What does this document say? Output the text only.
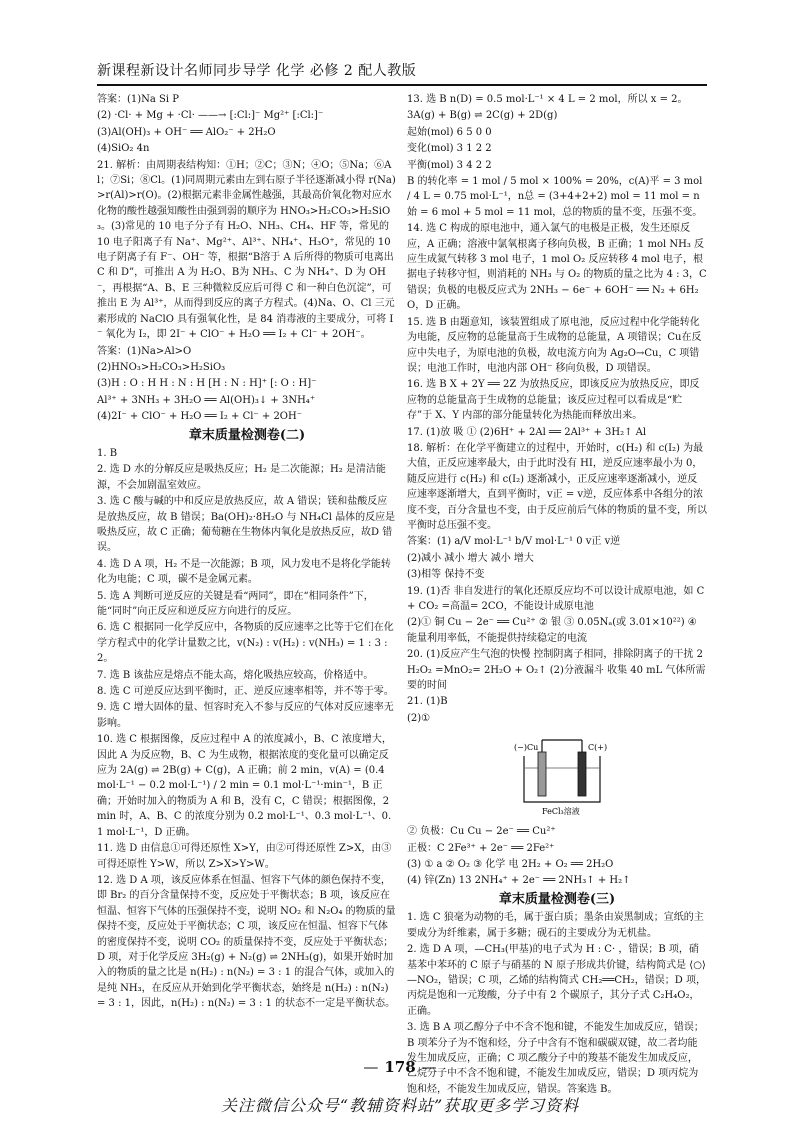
新课程新设计名师同步导学 化学 必修 2 配人教版

答案：(1)Na Si P

(2) ·Cl· + Mg + ·Cl· ——→ [:Cl:]⁻ Mg²⁺ [:Cl:]⁻

(3)Al(OH)₃ + OH⁻ ══ AlO₂⁻ + 2H₂O

(4)SiO₂ 4n

21. 解析：由周期表结构知：①H；②C；③N；④O；⑤Na；⑥Al；⑦Si；⑧Cl。(1)同周期元素由左到右原子半径逐渐减小得 r(Na)>r(Al)>r(O)。(2)根据元素非金属性越强，其最高价氧化物对应水化物的酸性越强知酸性由强到弱的顺序为 HNO₃>H₂CO₃>H₂SiO₃。(3)常见的 10 电子分子有 H₂O、NH₃、CH₄、HF 等，常见的 10 电子阳离子有 Na⁺、Mg²⁺、Al³⁺、NH₄⁺、H₃O⁺，常见的 10 电子阴离子有 F⁻、OH⁻ 等，根据“B溶于 A 后所得的物质可电离出 C 和 D”，可推出 A 为 H₂O、B为 NH₃、C 为 NH₄⁺、D 为 OH⁻，再根据“A、B、E 三种微粒反应后可得 C 和一种白色沉淀”，可推出 E 为 Al³⁺，从而得到反应的离子方程式。(4)Na、O、Cl 三元素形成的 NaClO 具有强氧化性，是 84 消毒液的主要成分，可将 I⁻ 氧化为 I₂，即 2I⁻ + ClO⁻ + H₂O ══ I₂ + Cl⁻ + 2OH⁻。

答案：(1)Na>Al>O

(2)HNO₃>H₂CO₃>H₂SiO₃

(3)H : O : H H : N : H [H : N : H]⁺ [: O : H]⁻

Al³⁺ + 3NH₃ + 3H₂O ══ Al(OH)₃↓ + 3NH₄⁺

(4)2I⁻ + ClO⁻ + H₂O ══ I₂ + Cl⁻ + 2OH⁻

章末质量检测卷(二)

1. B

2. 选 D 水的分解反应是吸热反应；H₂ 是二次能源；H₂ 是清洁能源，不会加剧温室效应。

3. 选 C 酸与碱的中和反应是放热反应，故 A 错误；镁和盐酸反应是放热反应，故 B 错误；Ba(OH)₂·8H₂O 与 NH₄Cl 晶体的反应是吸热反应，故 C 正确；葡萄糖在生物体内氧化是放热反应，故D 错误。

4. 选 D A 项，H₂ 不是一次能源；B 项，风力发电不是将化学能转化为电能；C 项，碳不是金属元素。

5. 选 A 判断可逆反应的关键是看“两同”，即在“相同条件”下，能“同时”向正反应和逆反应方向进行的反应。

6. 选 C 根据同一化学反应中，各物质的反应速率之比等于它们在化学方程式中的化学计量数之比，v(N₂) : v(H₂) : v(NH₃) = 1 : 3 : 2。

7. 选 B 该盐应是熔点不能太高，熔化吸热应较高，价格适中。

8. 选 C 可逆反应达到平衡时，正、逆反应速率相等，并不等于零。

9. 选 C 增大固体的量、恒容时充入不参与反应的气体对反应速率无影响。

10. 选 C 根据图像，反应过程中 A 的浓度减小，B、C 浓度增大，因此 A 为反应物，B、C 为生成物，根据浓度的变化量可以确定反应为 2A(g) ⇌ 2B(g) + C(g)，A 正确；前 2 min，v(A) = (0.4 mol·L⁻¹ − 0.2 mol·L⁻¹) / 2 min = 0.1 mol·L⁻¹·min⁻¹，B 正确；开始时加入的物质为 A 和 B，没有 C，C 错误；根据图像，2 min 时，A、B、C 的浓度分别为 0.2 mol·L⁻¹、0.3 mol·L⁻¹、0.1 mol·L⁻¹，D 正确。

11. 选 D 由信息①可得还原性 X>Y，由②可得还原性 Z>X，由③可得还原性 Y>W，所以 Z>X>Y>W。

12. 选 D A 项，该反应体系在恒温、恒容下气体的颜色保持不变，即 Br₂ 的百分含量保持不变，反应处于平衡状态；B 项，该反应在恒温、恒容下气体的压强保持不变，说明 NO₂ 和 N₂O₄ 的物质的量保持不变，反应处于平衡状态；C 项，该反应在恒温、恒容下气体的密度保持不变，说明 CO₂ 的质量保持不变，反应处于平衡状态；D 项，对于化学反应 3H₂(g) + N₂(g) ⇌ 2NH₃(g)，如果开始时加入的物质的量之比是 n(H₂) : n(N₂) = 3 : 1 的混合气体，或加入的是纯 NH₃，在反应从开始到化学平衡状态，始终是 n(H₂) : n(N₂) = 3 : 1，因此，n(H₂) : n(N₂) = 3 : 1 的状态不一定是平衡状态。

13. 选 B n(D) = 0.5 mol·L⁻¹ × 4 L = 2 mol，所以 x = 2。

3A(g) + B(g) ⇌ 2C(g) + 2D(g)

起始(mol) 6 5 0 0

变化(mol) 3 1 2 2

平衡(mol) 3 4 2 2

B 的转化率 = 1 mol / 5 mol × 100% = 20%，c(A)平 = 3 mol / 4 L = 0.75 mol·L⁻¹，n总 = (3+4+2+2) mol = 11 mol = n始 = 6 mol + 5 mol = 11 mol，总的物质的量不变，压强不变。

14. 选 C 构成的原电池中，通入氯气的电极是正极，发生还原反应，A 正确；溶液中氯氧根离子移向负极，B 正确；1 mol NH₃ 反应生成氮气转移 3 mol 电子，1 mol O₂ 反应转移 4 mol 电子，根据电子转移守恒，则消耗的 NH₃ 与 O₂ 的物质的量之比为 4 : 3，C 错误；负极的电极反应式为 2NH₃ − 6e⁻ + 6OH⁻ ══ N₂ + 6H₂O，D 正确。

15. 选 B 由题意知，该装置组成了原电池，反应过程中化学能转化为电能，反应物的总能量高于生成物的总能量，A 项错误；Cu在反应中失电子，为原电池的负极，故电流方向为 Ag₂O→Cu，C 项错误；电池工作时，电池内部 OH⁻ 移向负极，D 项错误。

16. 选 B X + 2Y ══ 2Z 为放热反应，即该反应为放热反应，即反应物的总能量高于生成物的总能量；该反应过程可以看成是“贮存”于 X、Y 内部的部分能量转化为热能而释放出来。

17. (1)放 吸 ① (2)6H⁺ + 2Al ══ 2Al³⁺ + 3H₂↑ Al

18. 解析：在化学平衡建立的过程中，开始时，c(H₂) 和 c(I₂) 为最大值，正反应速率最大，由于此时没有 HI，逆反应速率最小为 0，随反应进行 c(H₂) 和 c(I₂) 逐渐减小，正反应速率逐渐减小，逆反应速率逐渐增大，直到平衡时，v正 = v逆，反应体系中各组分的浓度不变，百分含量也不变，由于反应前后气体的物质的量不变，所以平衡时总压强不变。

答案：(1) a/V mol·L⁻¹ b/V mol·L⁻¹ 0 v正 v逆

(2)减小 减小 增大 减小 增大

(3)相等 保持不变

19. (1)否 非自发进行的氧化还原反应均不可以设计成原电池，如 C + CO₂ =高温= 2CO，不能设计成原电池

(2)① 铜 Cu − 2e⁻ ══ Cu²⁺ ② 银 ③ 0.05Nₐ(或 3.01×10²²) ④ 能量利用率低，不能提供持续稳定的电流

20. (1)反应产生气泡的快慢 控制阴离子相同，排除阴离子的干扰 2H₂O₂ =MnO₂= 2H₂O + O₂↑ (2)分液漏斗 收集 40 mL 气体所需要的时间

21. (1)B

(2)①

(−)Cu	C(+)
FeCl₃溶液

② 负极：Cu Cu − 2e⁻ ══ Cu²⁺

正极：C 2Fe³⁺ + 2e⁻ ══ 2Fe²⁺

(3) ① a ② O₂ ③ 化学 电 2H₂ + O₂ ══ 2H₂O

(4) 锌(Zn) 13 2NH₄⁺ + 2e⁻ ══ 2NH₃↑ + H₂↑

章末质量检测卷(三)

1. 选 C 狼毫为动物的毛，属于蛋白质；墨条由炭黑制成；宣纸的主要成分为纤维素，属于多糖；砚石的主要成分为无机盐。

2. 选 D A 项，—CH₃(甲基)的电子式为 H : C· ，错误；B 项，硝基苯中苯环的 C 原子与硝基的 N 原子形成共价键，结构简式是 ⟨○⟩—NO₂，错误；C 项，乙烯的结构简式 CH₂══CH₂，错误；D 项，丙烷是饱和一元羧酸，分子中有 2 个碳原子，其分子式 C₂H₄O₂，正确。

3. 选 B A 项乙醇分子中不含不饱和键，不能发生加成反应，错误；B 项苯分子为不饱和烃，分子中含有不饱和碳碳双键，故二者均能发生加成反应，正确；C 项乙酸分子中的羧基不能发生加成反应，乙烷分子中不含不饱和键，不能发生加成反应，错误；D 项丙烷为饱和烃，不能发生加成反应，错误。答案选 B。

— 178 —
关注微信公众号“教辅资料站”获取更多学习资料
